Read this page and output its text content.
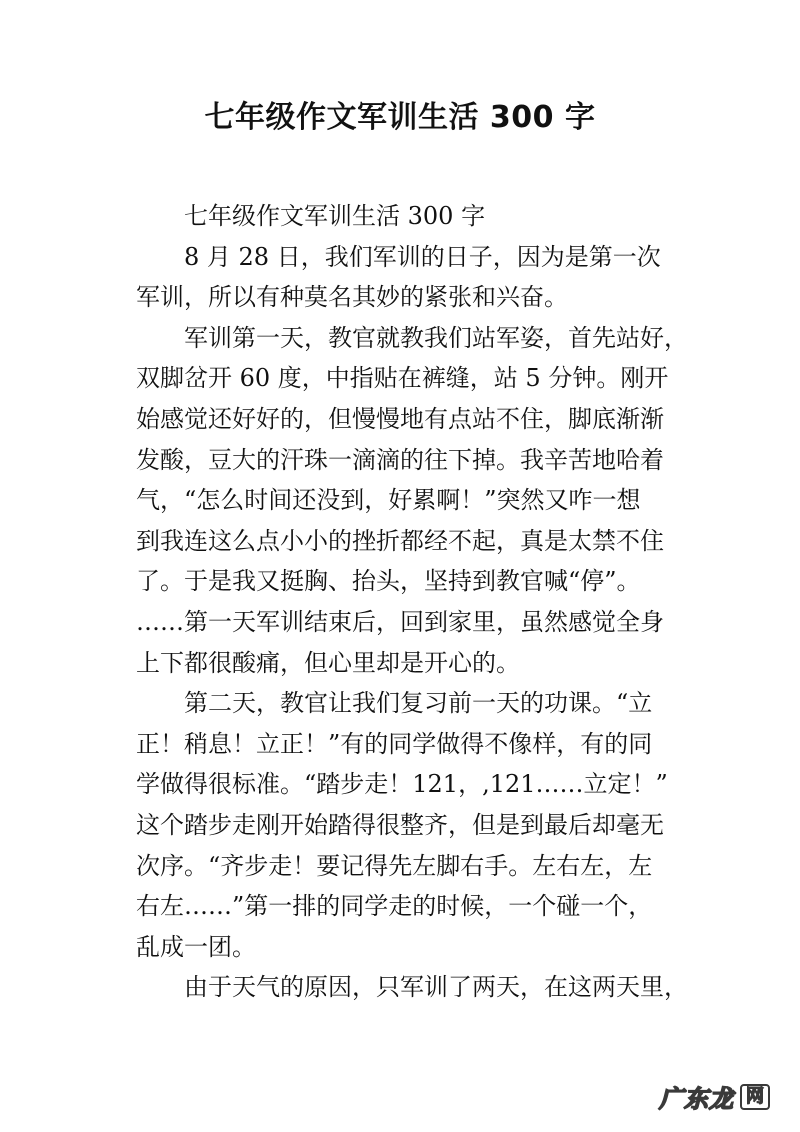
七年级作文军训生活 300 字
七年级作文军训生活 300 字
8 月 28 日，我们军训的日子，因为是第一次
军训，所以有种莫名其妙的紧张和兴奋。
军训第一天，教官就教我们站军姿，首先站好，
双脚岔开 60 度，中指贴在裤缝，站 5 分钟。刚开
始感觉还好好的，但慢慢地有点站不住，脚底渐渐
发酸，豆大的汗珠一滴滴的往下掉。我辛苦地哈着
气，“怎么时间还没到，好累啊！”突然又咋一想
到我连这么点小小的挫折都经不起，真是太禁不住
了。于是我又挺胸、抬头，坚持到教官喊“停”。
……第一天军训结束后，回到家里，虽然感觉全身
上下都很酸痛，但心里却是开心的。
第二天，教官让我们复习前一天的功课。“立
正！稍息！立正！”有的同学做得不像样，有的同
学做得很标准。“踏步走！121，,121……立定！”
这个踏步走刚开始踏得很整齐，但是到最后却毫无
次序。“齐步走！要记得先左脚右手。左右左，左
右左……”第一排的同学走的时候，一个碰一个，
乱成一团。
由于天气的原因，只军训了两天，在这两天里，
广东龙 网
